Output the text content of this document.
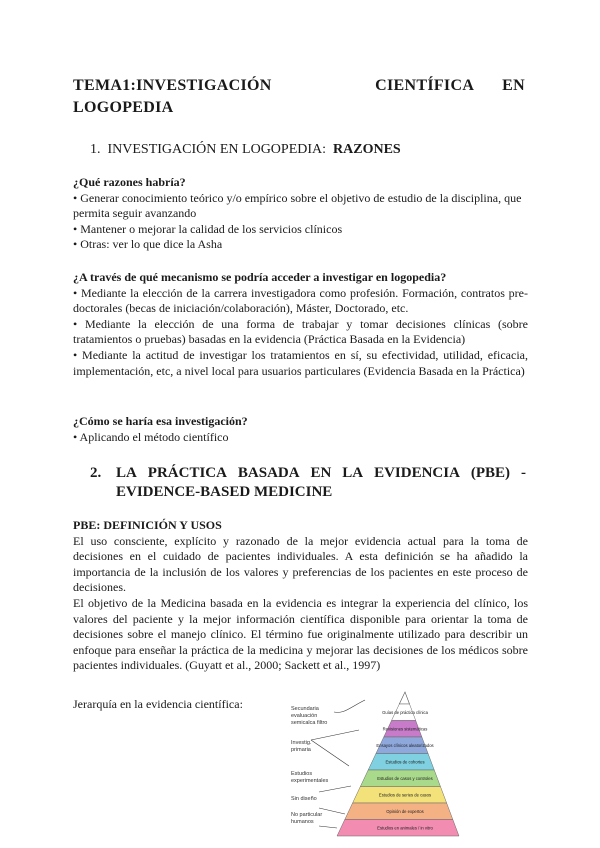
TEMA 1: INVESTIGACIÓN	CIENTÍFICA EN
LOGOPEDIA
1. INVESTIGACIÓN EN LOGOPEDIA: RAZONES

¿Qué razones habría?

• Generar conocimiento teórico y/o empírico sobre el objetivo de estudio de la disciplina, que permita seguir avanzando

• Mantener o mejorar la calidad de los servicios clínicos

• Otras: ver lo que dice la Asha

¿A través de qué mecanismo se podría acceder a investigar en logopedia?

• Mediante la elección de la carrera investigadora como profesión. Formación, contratos pre-doctorales (becas de iniciación/colaboración), Máster, Doctorado, etc.

• Mediante la elección de una forma de trabajar y tomar decisiones clínicas (sobre tratamientos o pruebas) basadas en la evidencia (Práctica Basada en la Evidencia)

• Mediante la actitud de investigar los tratamientos en sí, su efectividad, utilidad, eficacia, implementación, etc, a nivel local para usuarios particulares (Evidencia Basada en la Práctica)

¿Cómo se haría esa investigación?

• Aplicando el método científico

2. LA PRÁCTICA BASADA EN LA EVIDENCIA (PBE) -
EVIDENCE-BASED MEDICINE

PBE: DEFINICIÓN Y USOS

El uso consciente, explícito y razonado de la mejor evidencia actual para la toma de decisiones en el cuidado de pacientes individuales. A esta definición se ha añadido la importancia de la inclusión de los valores y preferencias de los pacientes en este proceso de decisiones.

El objetivo de la Medicina basada en la evidencia es integrar la experiencia del clínico, los valores del paciente y la mejor información científica disponible para orientar la toma de decisiones sobre el manejo clínico. El término fue originalmente utilizado para describir un enfoque para enseñar la práctica de la medicina y mejorar las decisiones de los médicos sobre pacientes individuales. (Guyatt et al., 2000; Sackett et al., 1997)

Jerarquía en la evidencia científica:
Guías de práctica clínica
Revisiones sistemáticas
Ensayos clínicos aleatorizados
Estudios de cohortes
Estudios de casos y controles
Estudios de series de casos
Opinión de expertos
Estudios en animales / in vitro
Secundaria
evaluación
semicalca filtro
Investig.
primaria
Estudios
experimentales
Sin diseño
No particular
humanos
